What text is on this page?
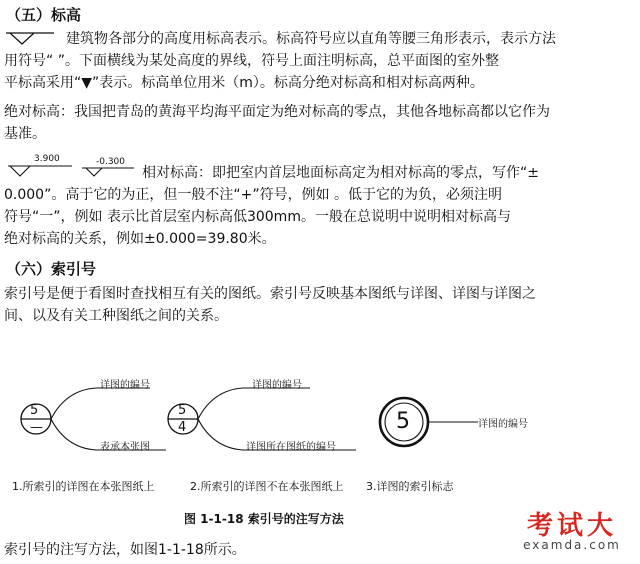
（五）标高
建筑物各部分的高度用标高表示。标高符号应以直角等腰三角形表示，表示方法
用符号“ ”。下面横线为某处高度的界线，符号上面注明标高，总平面图的室外整
平标高采用“▼”表示。标高单位用米（m）。标高分绝对标高和相对标高两种。
绝对标高：我国把青岛的黄海平均海平面定为绝对标高的零点，其他各地标高都以它作为
基准。
3.900	-0.300
相对标高：即把室内首层地面标高定为相对标高的零点，写作“±
0.000”。高于它的为正，但一般不注“+”符号，例如 。低于它的为负，必须注明
符号“一”，例如 表示比首层室内标高低300mm。一般在总说明中说明相对标高与
绝对标高的关系，例如±0.000=39.80米。
（六）索引号
索引号是便于看图时查找相互有关的图纸。索引号反映基本图纸与详图、详图与详图之
间、以及有关工种图纸之间的关系。
5
—
详图的编号
表承本张图
1.所索引的详图在本张图纸上
5
4
详图的编号
详图所在图纸的编号
2.所索引的详图不在本张图纸上
5	详图的编号
3.详图的索引标志
图 1-1-18 索引号的注写方法
索引号的注写方法，如图1-1-18所示。
考试大
examda.com
